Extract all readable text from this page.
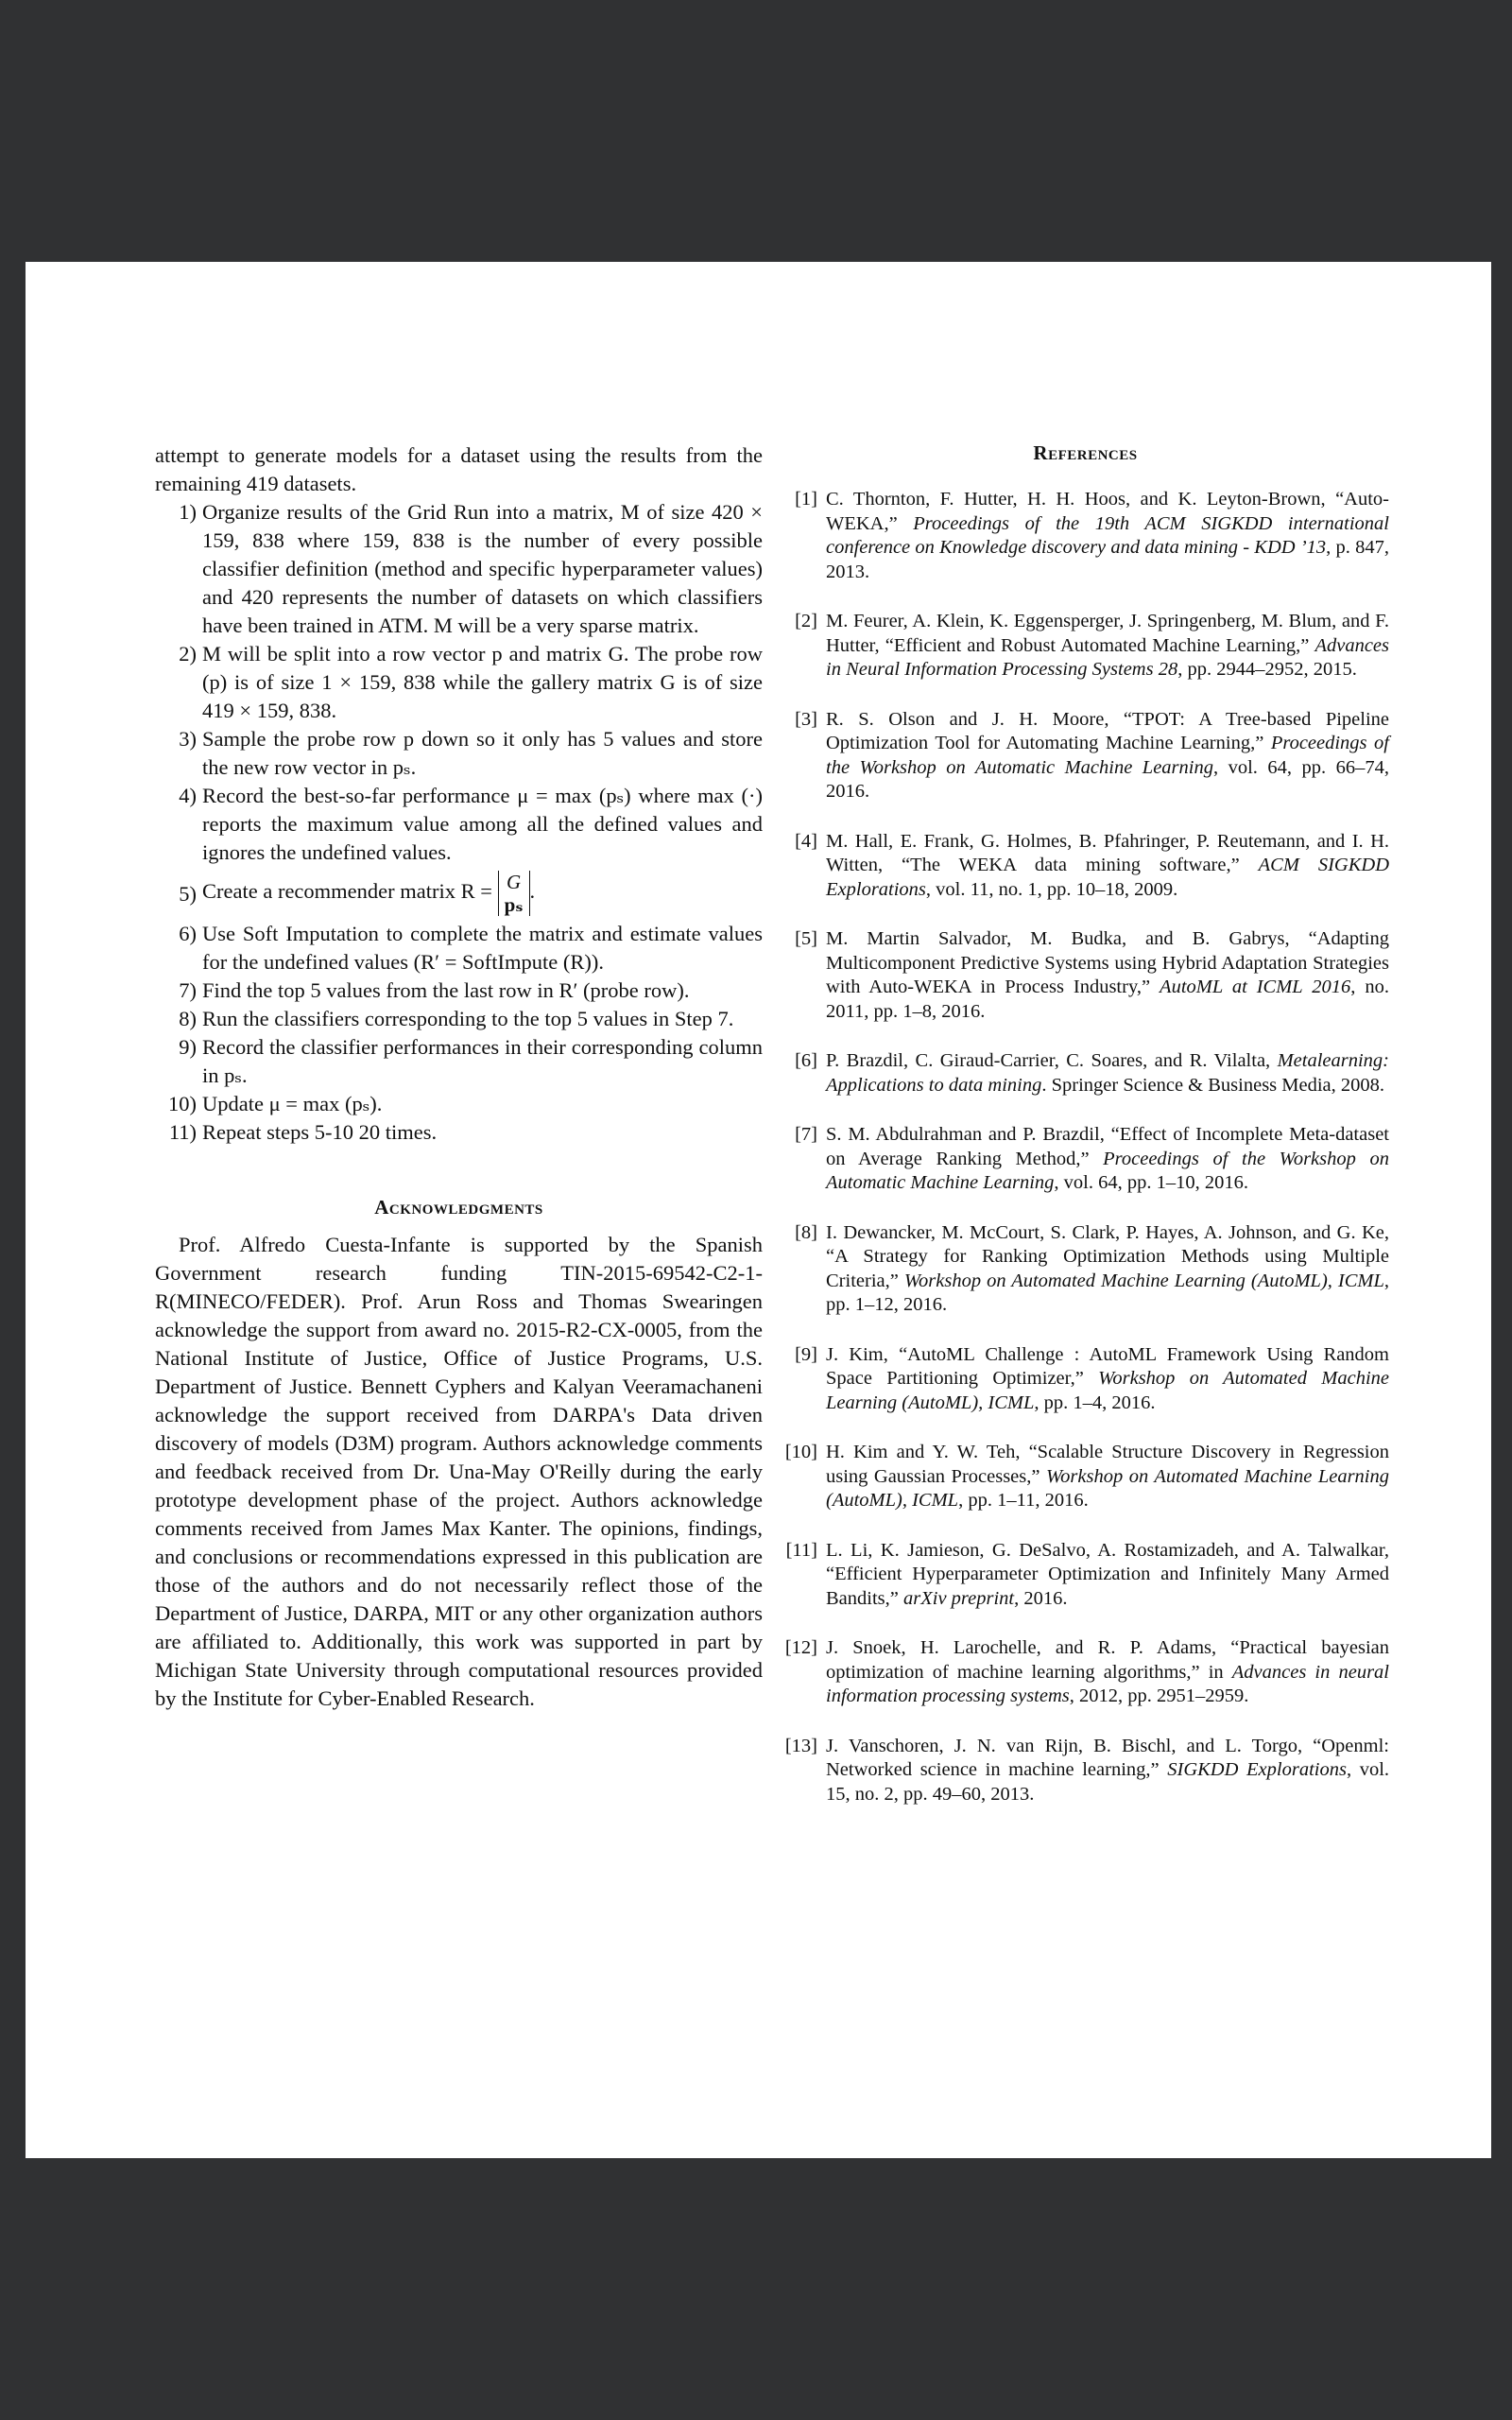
attempt to generate models for a dataset using the results from the remaining 419 datasets.

1) Organize results of the Grid Run into a matrix, M of size 420 × 159, 838 where 159, 838 is the number of every possible classifier definition (method and specific hyperparameter values) and 420 represents the number of datasets on which classifiers have been trained in ATM. M will be a very sparse matrix.
2) M will be split into a row vector p and matrix G. The probe row (p) is of size 1 × 159, 838 while the gallery matrix G is of size 419 × 159, 838.
3) Sample the probe row p down so it only has 5 values and store the new row vector in pₛ.
4) Record the best-so-far performance μ = max (pₛ) where max (·) reports the maximum value among all the defined values and ignores the undefined values.
5) Create a recommender matrix R = G
pₛ
.
6) Use Soft Imputation to complete the matrix and estimate values for the undefined values (R′ = SoftImpute (R)).
7) Find the top 5 values from the last row in R′ (probe row).
8) Run the classifiers corresponding to the top 5 values in Step 7.
9) Record the classifier performances in their corresponding column in pₛ.
10) Update μ = max (pₛ).
11) Repeat steps 5-10 20 times.
Acknowledgments

Prof. Alfredo Cuesta-Infante is supported by the Spanish Government research funding TIN-2015-69542-C2-1-R(MINECO/FEDER). Prof. Arun Ross and Thomas Swearingen acknowledge the support from award no. 2015-R2-CX-0005, from the National Institute of Justice, Office of Justice Programs, U.S. Department of Justice. Bennett Cyphers and Kalyan Veeramachaneni acknowledge the support received from DARPA's Data driven discovery of models (D3M) program. Authors acknowledge comments and feedback received from Dr. Una-May O'Reilly during the early prototype development phase of the project. Authors acknowledge comments received from James Max Kanter. The opinions, findings, and conclusions or recommendations expressed in this publication are those of the authors and do not necessarily reflect those of the Department of Justice, DARPA, MIT or any other organization authors are affiliated to. Additionally, this work was supported in part by Michigan State University through computational resources provided by the Institute for Cyber-Enabled Research.

References
[1] C. Thornton, F. Hutter, H. H. Hoos, and K. Leyton-Brown, “Auto-WEKA,” Proceedings of the 19th ACM SIGKDD international conference on Knowledge discovery and data mining - KDD ’13, p. 847, 2013.
[2] M. Feurer, A. Klein, K. Eggensperger, J. Springenberg, M. Blum, and F. Hutter, “Efficient and Robust Automated Machine Learning,” Advances in Neural Information Processing Systems 28, pp. 2944–2952, 2015.
[3] R. S. Olson and J. H. Moore, “TPOT: A Tree-based Pipeline Optimization Tool for Automating Machine Learning,” Proceedings of the Workshop on Automatic Machine Learning, vol. 64, pp. 66–74, 2016.
[4] M. Hall, E. Frank, G. Holmes, B. Pfahringer, P. Reutemann, and I. H. Witten, “The WEKA data mining software,” ACM SIGKDD Explorations, vol. 11, no. 1, pp. 10–18, 2009.
[5] M. Martin Salvador, M. Budka, and B. Gabrys, “Adapting Multicomponent Predictive Systems using Hybrid Adaptation Strategies with Auto-WEKA in Process Industry,” AutoML at ICML 2016, no. 2011, pp. 1–8, 2016.
[6] P. Brazdil, C. Giraud-Carrier, C. Soares, and R. Vilalta, Metalearning: Applications to data mining. Springer Science & Business Media, 2008.
[7] S. M. Abdulrahman and P. Brazdil, “Effect of Incomplete Meta-dataset on Average Ranking Method,” Proceedings of the Workshop on Automatic Machine Learning, vol. 64, pp. 1–10, 2016.
[8] I. Dewancker, M. McCourt, S. Clark, P. Hayes, A. Johnson, and G. Ke, “A Strategy for Ranking Optimization Methods using Multiple Criteria,” Workshop on Automated Machine Learning (AutoML), ICML, pp. 1–12, 2016.
[9] J. Kim, “AutoML Challenge : AutoML Framework Using Random Space Partitioning Optimizer,” Workshop on Automated Machine Learning (AutoML), ICML, pp. 1–4, 2016.
[10] H. Kim and Y. W. Teh, “Scalable Structure Discovery in Regression using Gaussian Processes,” Workshop on Automated Machine Learning (AutoML), ICML, pp. 1–11, 2016.
[11] L. Li, K. Jamieson, G. DeSalvo, A. Rostamizadeh, and A. Talwalkar, “Efficient Hyperparameter Optimization and Infinitely Many Armed Bandits,” arXiv preprint, 2016.
[12] J. Snoek, H. Larochelle, and R. P. Adams, “Practical bayesian optimization of machine learning algorithms,” in Advances in neural information processing systems, 2012, pp. 2951–2959.
[13] J. Vanschoren, J. N. van Rijn, B. Bischl, and L. Torgo, “Openml: Networked science in machine learning,” SIGKDD Explorations, vol. 15, no. 2, pp. 49–60, 2013.
